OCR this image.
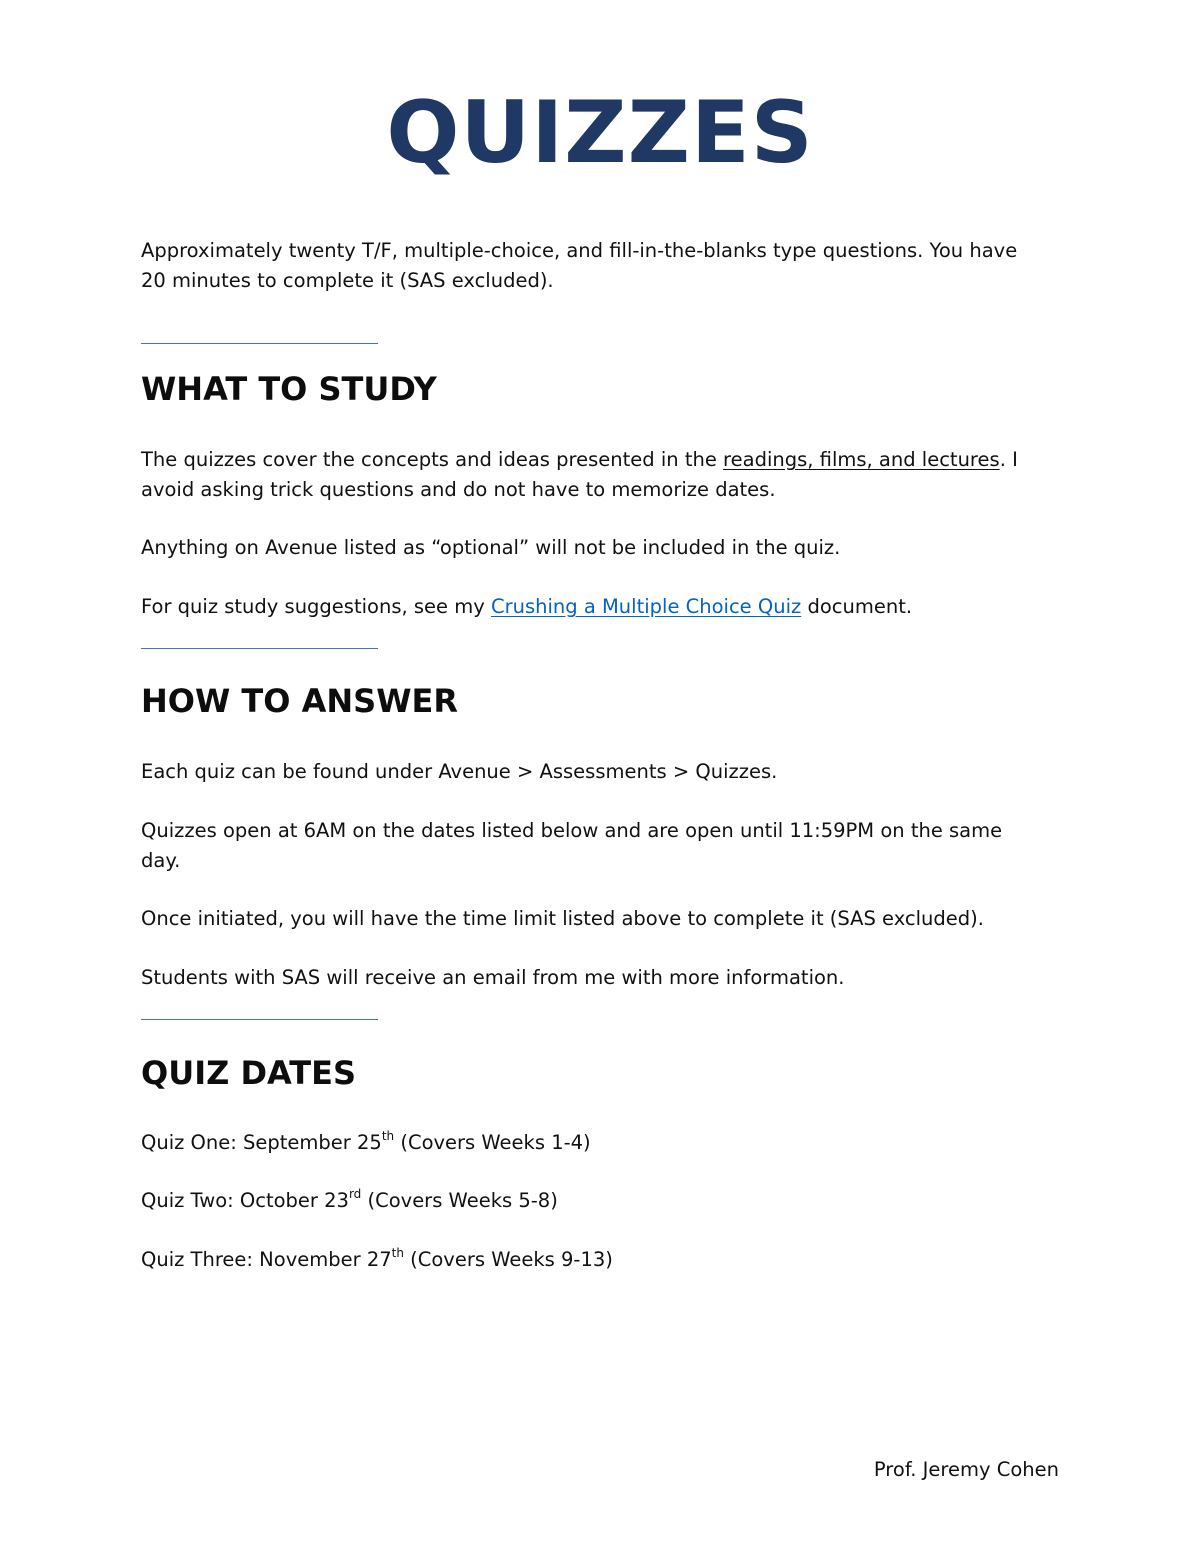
QUIZZES
Approximately twenty T/F, multiple-choice, and fill-in-the-blanks type questions. You have
20 minutes to complete it (SAS excluded).
WHAT TO STUDY
The quizzes cover the concepts and ideas presented in the readings, films, and lectures. I
avoid asking trick questions and do not have to memorize dates.
Anything on Avenue listed as “optional” will not be included in the quiz.
For quiz study suggestions, see my Crushing a Multiple Choice Quiz document.
HOW TO ANSWER
Each quiz can be found under Avenue > Assessments > Quizzes.
Quizzes open at 6AM on the dates listed below and are open until 11:59PM on the same
day.
Once initiated, you will have the time limit listed above to complete it (SAS excluded).
Students with SAS will receive an email from me with more information.
QUIZ DATES
Quiz One: September 25th (Covers Weeks 1-4)
Quiz Two: October 23rd (Covers Weeks 5-8)
Quiz Three: November 27th (Covers Weeks 9-13)
Prof. Jeremy Cohen
